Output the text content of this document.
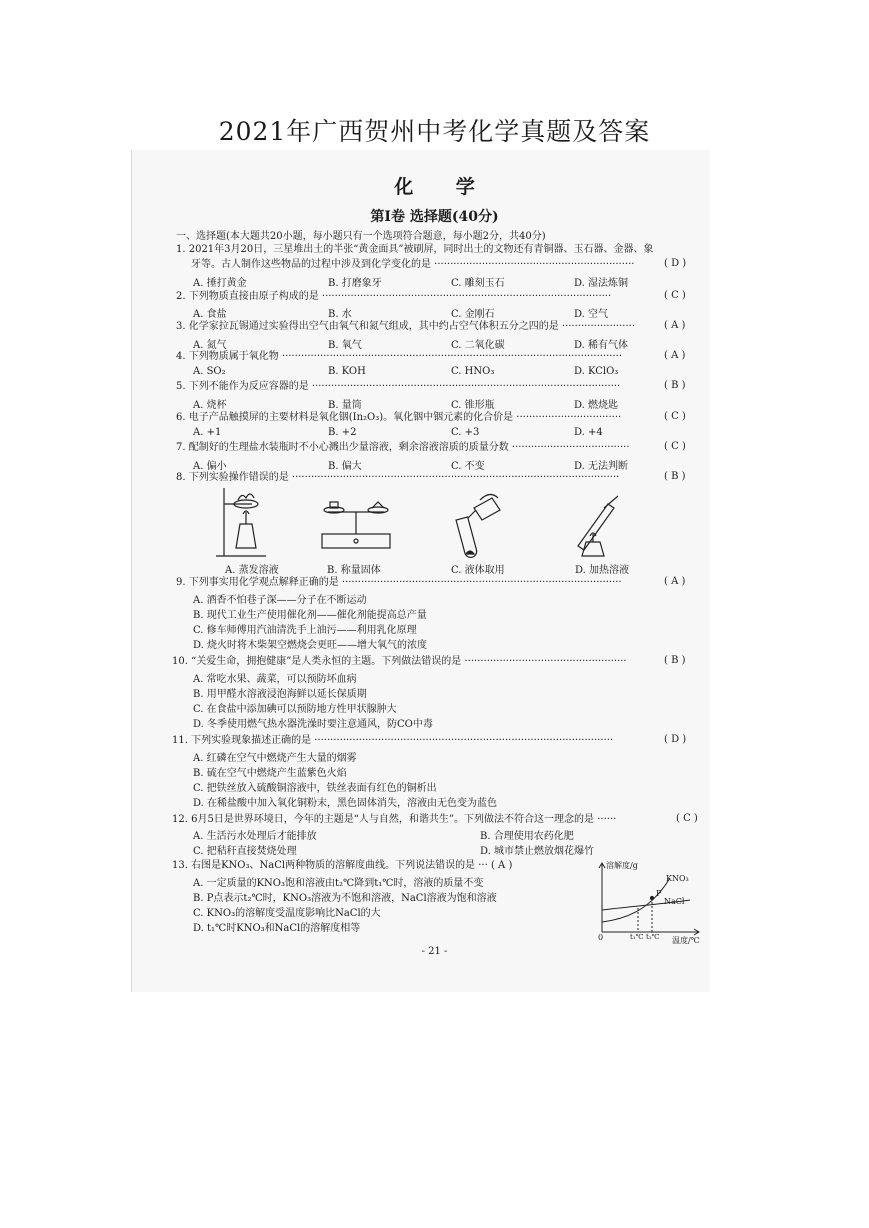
2021年广西贺州中考化学真题及答案
化 学
第Ⅰ卷 选择题(40分)
一、选择题(本大题共20小题，每小题只有一个选项符合题意，每小题2分，共40分)
1. 2021年3月20日，三星堆出土的半张“黄金面具”被刷屏，同时出土的文物还有青铜器、玉石器、金器、象
牙等。古人制作这些物品的过程中涉及到化学变化的是 ·······························································	( D )
A. 捶打黄金	B. 打磨象牙	C. 雕刻玉石	D. 湿法炼铜
2. 下列物质直接由原子构成的是 ···························································································	( C )
A. 食盐	B. 水	C. 金刚石	D. 空气
3. 化学家拉瓦锡通过实验得出空气由氧气和氮气组成，其中约占空气体积五分之四的是 ·······················	( A )
A. 氮气	B. 氧气	C. 二氧化碳	D. 稀有气体
4. 下列物质属于氧化物 ···········································································································	( A )
A. SO₂	B. KOH	C. HNO₃	D. KClO₃
5. 下列不能作为反应容器的是 ·································································································	( B )
A. 烧杯	B. 量筒	C. 锥形瓶	D. 燃烧匙
6. 电子产品触摸屏的主要材料是氧化铟(In₂O₃)。氧化铟中铟元素的化合价是 ·································	( C )
A. +1	B. +2	C. +3	D. +4
7. 配制好的生理盐水装瓶时不小心溅出少量溶液，剩余溶液溶质的质量分数 ·····································	( C )
A. 偏小	B. 偏大	C. 不变	D. 无法判断
8. 下列实验操作错误的是 ·······································································································	( B )
A. 蒸发溶液	B. 称量固体	C. 液体取用	D. 加热溶液
9. 下列事实用化学观点解释正确的是 ························································································	( A )
A. 酒香不怕巷子深——分子在不断运动
B. 现代工业生产使用催化剂——催化剂能提高总产量
C. 修车师傅用汽油清洗手上油污——利用乳化原理
D. 烧火时将木柴架空燃烧会更旺——增大氧气的浓度
10. “关爱生命，拥抱健康”是人类永恒的主题。下列做法错误的是 ···················································	( B )
A. 常吃水果、蔬菜，可以预防坏血病
B. 用甲醛水溶液浸泡海鲜以延长保质期
C. 在食盐中添加碘可以预防地方性甲状腺肿大
D. 冬季使用燃气热水器洗澡时要注意通风，防CO中毒
11. 下列实验现象描述正确的是 ······························································································	( D )
A. 红磷在空气中燃烧产生大量的烟雾
B. 硫在空气中燃烧产生蓝紫色火焰
C. 把铁丝放入硫酸铜溶液中，铁丝表面有红色的铜析出
D. 在稀盐酸中加入氧化铜粉末，黑色固体消失，溶液由无色变为蓝色
12. 6月5日是世界环境日，今年的主题是“人与自然，和谐共生”。下列做法不符合这一理念的是 ······	( C )
A. 生活污水处理后才能排放	B. 合理使用农药化肥
C. 把秸秆直接焚烧处理	D. 城市禁止燃放烟花爆竹
13. 右图是KNO₃、NaCl两种物质的溶解度曲线。下列说法错误的是 ··· ( A )
A. 一定质量的KNO₃饱和溶液由t₂℃降到t₁℃时，溶液的质量不变
B. P点表示t₂℃时，KNO₃溶液为不饱和溶液，NaCl溶液为饱和溶液
C. KNO₃的溶解度受温度影响比NaCl的大
D. t₁℃时KNO₃和NaCl的溶解度相等
溶解度/g
KNO₃
P
NaCl
0	t₁℃ t₂℃ 温度/℃
- 21 -
